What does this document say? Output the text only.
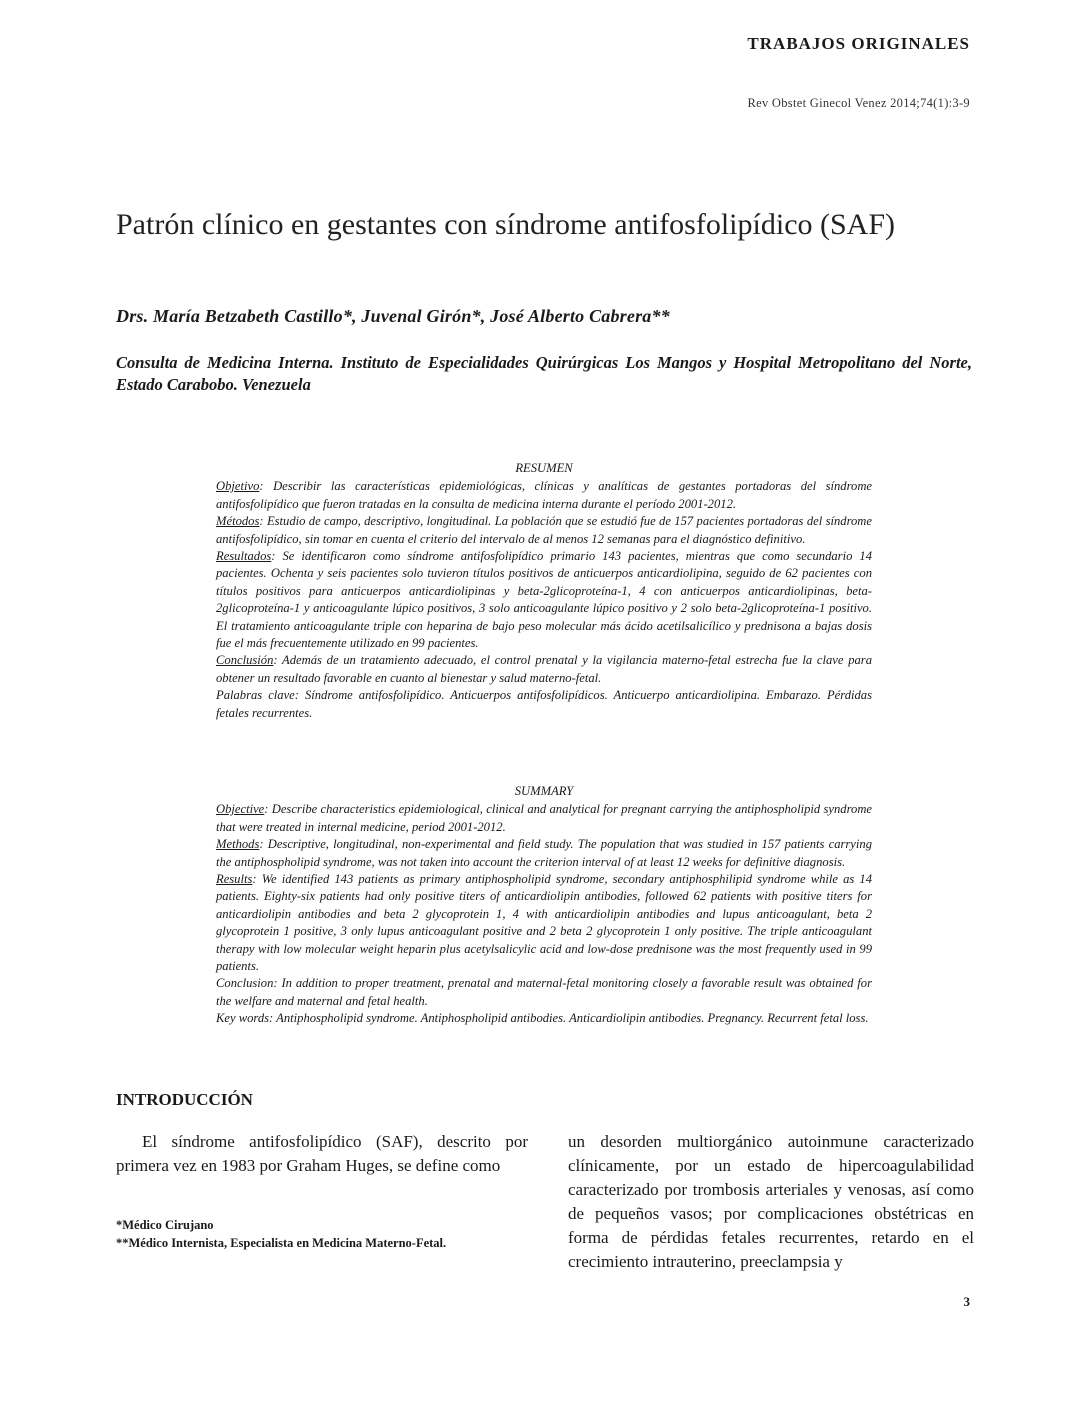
TRABAJOS ORIGINALES
Rev Obstet Ginecol Venez 2014;74(1):3-9
Patrón clínico en gestantes con síndrome antifosfolipídico (SAF)
Drs. María Betzabeth Castillo*, Juvenal Girón*, José Alberto Cabrera**
Consulta de Medicina Interna. Instituto de Especialidades Quirúrgicas Los Mangos y Hospital Metropolitano del Norte, Estado Carabobo. Venezuela
RESUMEN

Objetivo: Describir las características epidemiológicas, clínicas y analíticas de gestantes portadoras del síndrome antifosfolipídico que fueron tratadas en la consulta de medicina interna durante el período 2001-2012.

Métodos: Estudio de campo, descriptivo, longitudinal. La población que se estudió fue de 157 pacientes portadoras del síndrome antifosfolipídico, sin tomar en cuenta el criterio del intervalo de al menos 12 semanas para el diagnóstico definitivo.

Resultados: Se identificaron como síndrome antifosfolipídico primario 143 pacientes, mientras que como secundario 14 pacientes. Ochenta y seis pacientes solo tuvieron títulos positivos de anticuerpos anticardiolipina, seguido de 62 pacientes con títulos positivos para anticuerpos anticardiolipinas y beta-2glicoproteína-1, 4 con anticuerpos anticardiolipinas, beta-2glicoproteína-1 y anticoagulante lúpico positivos, 3 solo anticoagulante lúpico positivo y 2 solo beta-2glicoproteína-1 positivo. El tratamiento anticoagulante triple con heparina de bajo peso molecular más ácido acetilsalicílico y prednisona a bajas dosis fue el más frecuentemente utilizado en 99 pacientes.

Conclusión: Además de un tratamiento adecuado, el control prenatal y la vigilancia materno-fetal estrecha fue la clave para obtener un resultado favorable en cuanto al bienestar y salud materno-fetal.

Palabras clave: Síndrome antifosfolipídico. Anticuerpos antifosfolipídicos. Anticuerpo anticardiolipina. Embarazo. Pérdidas fetales recurrentes.

SUMMARY

Objective: Describe characteristics epidemiological, clinical and analytical for pregnant carrying the antiphospholipid syndrome that were treated in internal medicine, period 2001-2012.

Methods: Descriptive, longitudinal, non-experimental and field study. The population that was studied in 157 patients carrying the antiphospholipid syndrome, was not taken into account the criterion interval of at least 12 weeks for definitive diagnosis.

Results: We identified 143 patients as primary antiphospholipid syndrome, secondary antiphosphilipid syndrome while as 14 patients. Eighty-six patients had only positive titers of anticardiolipin antibodies, followed 62 patients with positive titers for anticardiolipin antibodies and beta 2 glycoprotein 1, 4 with anticardiolipin antibodies and lupus anticoagulant, beta 2 glycoprotein 1 positive, 3 only lupus anticoagulant positive and 2 beta 2 glycoprotein 1 only positive. The triple anticoagulant therapy with low molecular weight heparin plus acetylsalicylic acid and low-dose prednisone was the most frequently used in 99 patients.

Conclusion: In addition to proper treatment, prenatal and maternal-fetal monitoring closely a favorable result was obtained for the welfare and maternal and fetal health.

Key words: Antiphospholipid syndrome. Antiphospholipid antibodies. Anticardiolipin antibodies. Pregnancy. Recurrent fetal loss.

INTRODUCCIÓN

El síndrome antifosfolipídico (SAF), descrito por primera vez en 1983 por Graham Huges, se define como

un desorden multiorgánico autoinmune caracterizado clínicamente, por un estado de hipercoagulabilidad caracterizado por trombosis arteriales y venosas, así como de pequeños vasos; por complicaciones obstétricas en forma de pérdidas fetales recurrentes, retardo en el crecimiento intrauterino, preeclampsia y

*Médico Cirujano
**Médico Internista, Especialista en Medicina Materno-Fetal.
3
